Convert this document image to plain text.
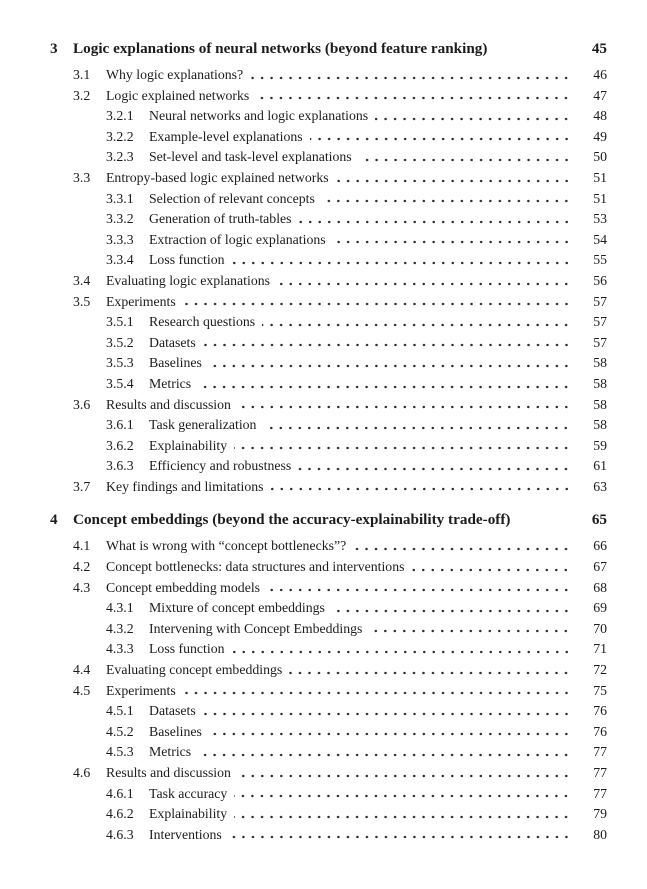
3	Logic explanations of neural networks (beyond feature ranking)	45
3.1	Why logic explanations?	46
3.2	Logic explained networks	47
3.2.1	Neural networks and logic explanations	48
3.2.2	Example-level explanations	49
3.2.3	Set-level and task-level explanations	50
3.3	Entropy-based logic explained networks	51
3.3.1	Selection of relevant concepts	51
3.3.2	Generation of truth-tables	53
3.3.3	Extraction of logic explanations	54
3.3.4	Loss function	55
3.4	Evaluating logic explanations	56
3.5	Experiments	57
3.5.1	Research questions	57
3.5.2	Datasets	57
3.5.3	Baselines	58
3.5.4	Metrics	58
3.6	Results and discussion	58
3.6.1	Task generalization	58
3.6.2	Explainability	59
3.6.3	Efficiency and robustness	61
3.7	Key findings and limitations	63
4	Concept embeddings (beyond the accuracy-explainability trade-off)	65
4.1	What is wrong with “concept bottlenecks”?	66
4.2	Concept bottlenecks: data structures and interventions	67
4.3	Concept embedding models	68
4.3.1	Mixture of concept embeddings	69
4.3.2	Intervening with Concept Embeddings	70
4.3.3	Loss function	71
4.4	Evaluating concept embeddings	72
4.5	Experiments	75
4.5.1	Datasets	76
4.5.2	Baselines	76
4.5.3	Metrics	77
4.6	Results and discussion	77
4.6.1	Task accuracy	77
4.6.2	Explainability	79
4.6.3	Interventions	80
